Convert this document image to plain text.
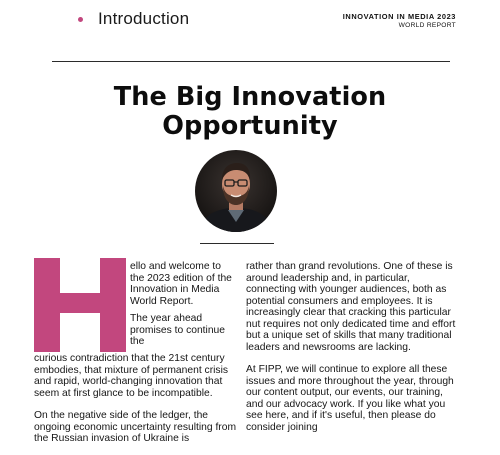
Introduction	INNOVATION IN MEDIA 2023
WORLD REPORT
The Big Innovation
Opportunity

ello and welcome to the 2023 edition of the Innovation in Media World Report.

The year ahead promises to continue the

curious contradiction that the 21st century embodies, that mixture of permanent crisis and rapid, world-changing innovation that seem at first glance to be incompatible.

On the negative side of the ledger, the ongoing economic uncertainty resulting from the Russian invasion of Ukraine is

rather than grand revolutions. One of these is around leadership and, in particular, connecting with younger audiences, both as potential consumers and employees. It is increasingly clear that cracking this particular nut requires not only dedicated time and effort but a unique set of skills that many traditional leaders and newsrooms are lacking.

At FIPP, we will continue to explore all these issues and more throughout the year, through our content output, our events, our training, and our advocacy work. If you like what you see here, and if it's useful, then please do consider joining
